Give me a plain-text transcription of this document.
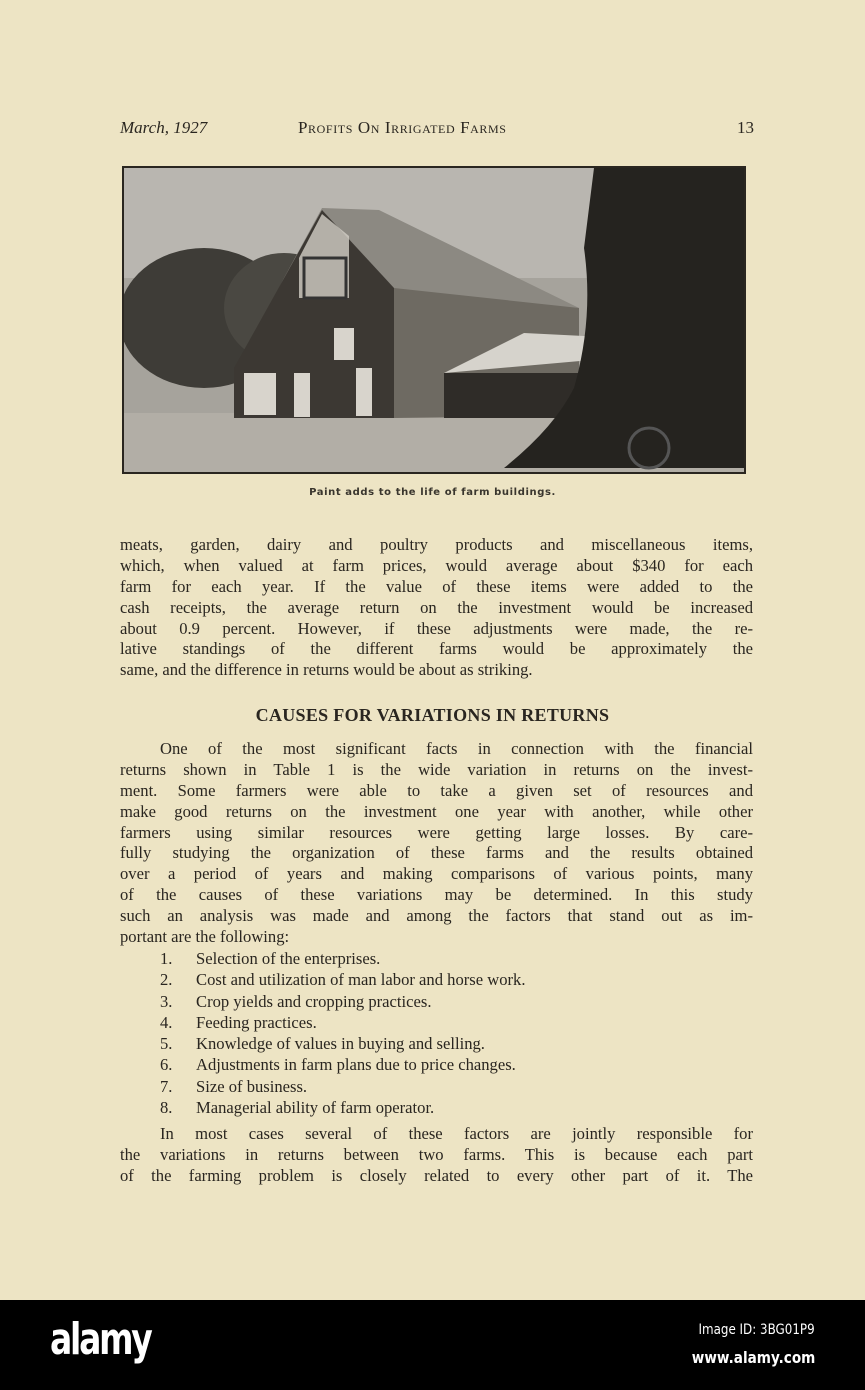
March, 1927	Profits On Irrigated Farms	13
Paint adds to the life of farm buildings.
meats, garden, dairy and poultry products and miscellaneous items,
which, when valued at farm prices, would average about $340 for each
farm for each year. If the value of these items were added to the
cash receipts, the average return on the investment would be increased
about 0.9 percent. However, if these adjustments were made, the re-
lative standings of the different farms would be approximately the
same, and the difference in returns would be about as striking.
CAUSES FOR VARIATIONS IN RETURNS
One of the most significant facts in connection with the financial
returns shown in Table 1 is the wide variation in returns on the invest-
ment. Some farmers were able to take a given set of resources and
make good returns on the investment one year with another, while other
farmers using similar resources were getting large losses. By care-
fully studying the organization of these farms and the results obtained
over a period of years and making comparisons of various points, many
of the causes of these variations may be determined. In this study
such an analysis was made and among the factors that stand out as im-
portant are the following:
1. Selection of the enterprises.
2. Cost and utilization of man labor and horse work.
3. Crop yields and cropping practices.
4. Feeding practices.
5. Knowledge of values in buying and selling.
6. Adjustments in farm plans due to price changes.
7. Size of business.
8. Managerial ability of farm operator.
In most cases several of these factors are jointly responsible for
the variations in returns between two farms. This is because each part
of the farming problem is closely related to every other part of it. The
alamy	Image ID: 3BG01P9
www.alamy.com
